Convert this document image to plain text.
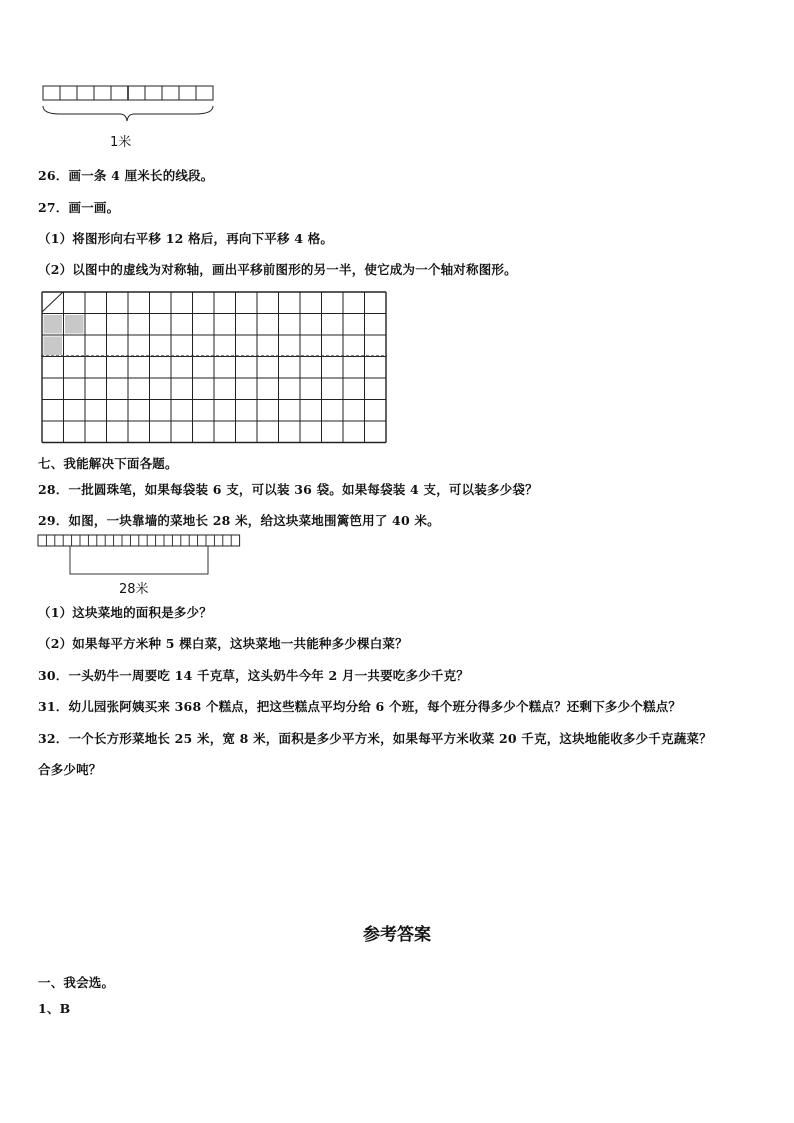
1米
26．画一条 4 厘米长的线段。
27．画一画。
（1）将图形向右平移 12 格后，再向下平移 4 格。
（2）以图中的虚线为对称轴，画出平移前图形的另一半，使它成为一个轴对称图形。
七、我能解决下面各题。
28．一批圆珠笔，如果每袋装 6 支，可以装 36 袋。如果每袋装 4 支，可以装多少袋？
29．如图，一块靠墙的菜地长 28 米，给这块菜地围篱笆用了 40 米。
28米
（1）这块菜地的面积是多少？
（2）如果每平方米种 5 棵白菜，这块菜地一共能种多少棵白菜？
30．一头奶牛一周要吃 14 千克草，这头奶牛今年 2 月一共要吃多少千克？
31．幼儿园张阿姨买来 368 个糕点，把这些糕点平均分给 6 个班，每个班分得多少个糕点？还剩下多少个糕点？
32．一个长方形菜地长 25 米，宽 8 米，面积是多少平方米，如果每平方米收菜 20 千克，这块地能收多少千克蔬菜？
合多少吨？
参考答案
一、我会选。
1、B
